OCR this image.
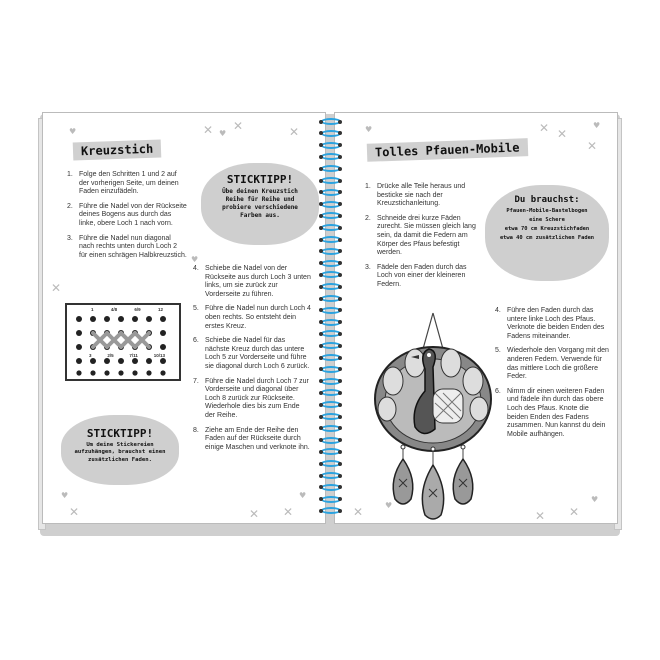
Kreuzstich
✕ ✕	✕
♥
♥
♥
♥	♥
✕	✕ ✕
✕
1. Folge den Schritten 1 und 2 auf der vorherigen Seite, um deinen Faden einzufädeln.
2. Führe die Nadel von der Rückseite deines Bogens aus durch das linke, obere Loch 1 nach vorn.
3. Führe die Nadel nun diagonal nach rechts unten durch Loch 2 für einen schrägen Halbkreuzstich.
STICKTIPP!
Übe deinen Kreuzstich Reihe für Reihe und probiere verschiedene Farben aus.
1	4/8	6/9	12
3	2/5	7/11	10/13
STICKTIPP!
Um deine Stickereien aufzuhängen, brauchst einen zusätzlichen Faden.
4. Schiebe die Nadel von der Rückseite aus durch Loch 3 unten links, um sie zurück zur Vorderseite zu führen.
5. Führe die Nadel nun durch Loch 4 oben rechts. So entsteht dein erstes Kreuz.
6. Schiebe die Nadel für das nächste Kreuz durch das untere Loch 5 zur Vorderseite und führe sie diagonal durch Loch 6 zurück.
7. Führe die Nadel durch Loch 7 zur Vorderseite und diagonal über Loch 8 zurück zur Rückseite. Wiederhole dies bis zum Ende der Reihe.
8. Ziehe am Ende der Reihe den Faden auf der Rückseite durch einige Maschen und verknote ihn.
Tolles Pfauen-Mobile
✕ ✕
✕
♥	♥
♥
✕	✕ ✕
♥
1. Drücke alle Teile heraus und besticke sie nach der Kreuzstichanleitung.
2. Schneide drei kurze Fäden zurecht. Sie müssen gleich lang sein, da damit die Federn am Körper des Pfaus befestigt werden.
3. Fädele den Faden durch das Loch von einer der kleineren Federn.
Du brauchst:
Pfauen-Mobile-Bastelbogen
eine Schere
etwa 70 cm Kreuzstichfaden
etwa 40 cm zusätzlichen Faden
4. Führe den Faden durch das untere linke Loch des Pfaus. Verknote die beiden Enden des Fadens miteinander.
5. Wiederhole den Vorgang mit den anderen Federn. Verwende für das mittlere Loch die größere Feder.
6. Nimm dir einen weiteren Faden und fädele ihn durch das obere Loch des Pfaus. Knote die beiden Enden des Fadens zusammen. Nun kannst du dein Mobile aufhängen.
